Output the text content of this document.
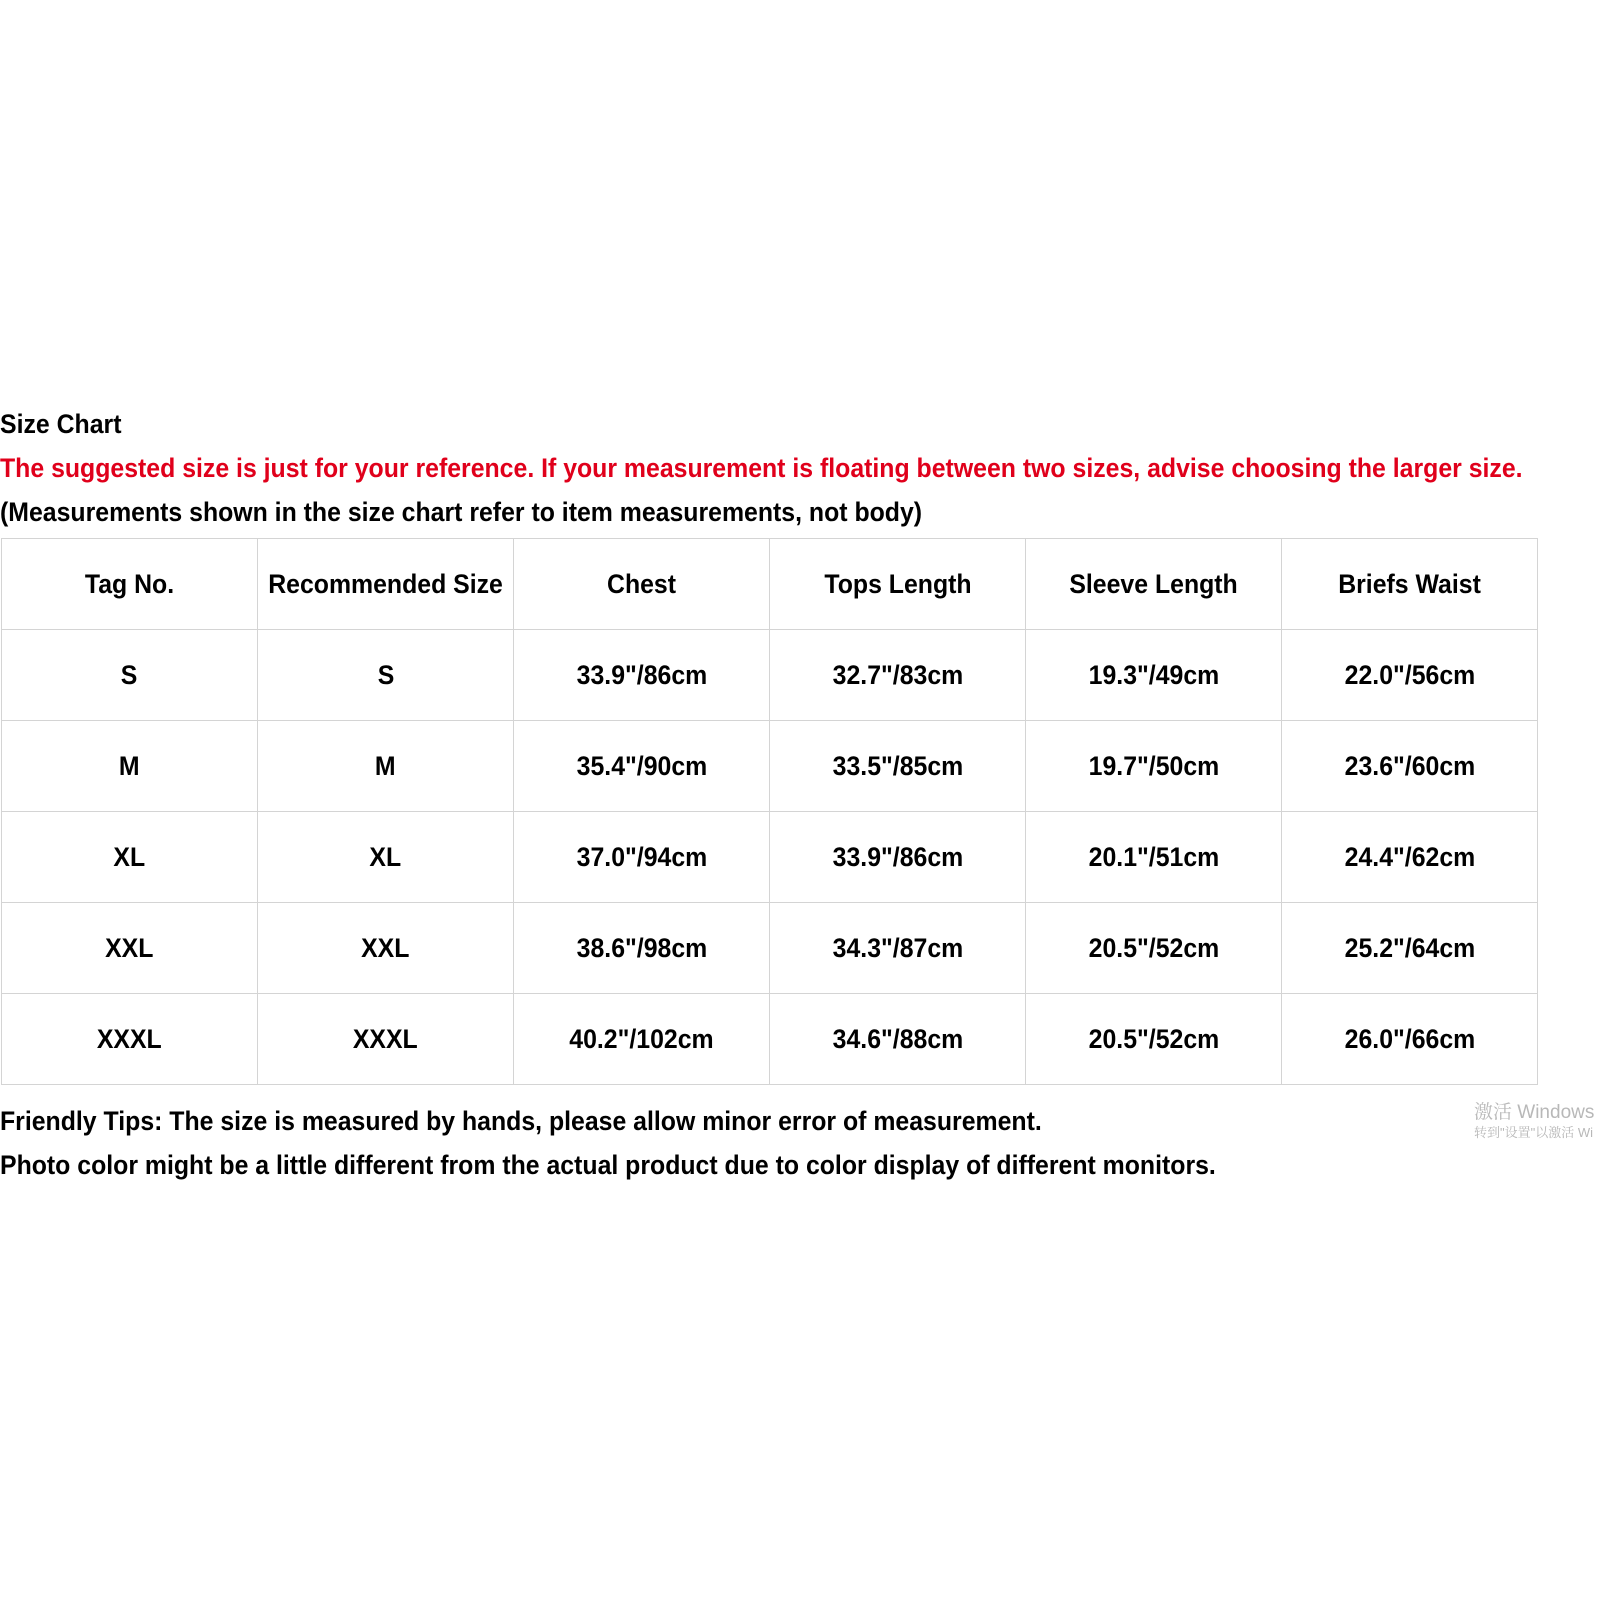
Size Chart
The suggested size is just for your reference. If your measurement is floating between two sizes, advise choosing the larger size.
(Measurements shown in the size chart refer to item measurements, not body)
Tag No.	Recommended Size	Chest	Tops Length	Sleeve Length	Briefs Waist
S	S	33.9"/86cm	32.7"/83cm	19.3"/49cm	22.0"/56cm
M	M	35.4"/90cm	33.5"/85cm	19.7"/50cm	23.6"/60cm
XL	XL	37.0"/94cm	33.9"/86cm	20.1"/51cm	24.4"/62cm
XXL	XXL	38.6"/98cm	34.3"/87cm	20.5"/52cm	25.2"/64cm
XXXL	XXXL	40.2"/102cm	34.6"/88cm	20.5"/52cm	26.0"/66cm
Friendly Tips: The size is measured by hands, please allow minor error of measurement.
Photo color might be a little different from the actual product due to color display of different monitors.
激活 Windows
转到"设置"以激活 Wi
